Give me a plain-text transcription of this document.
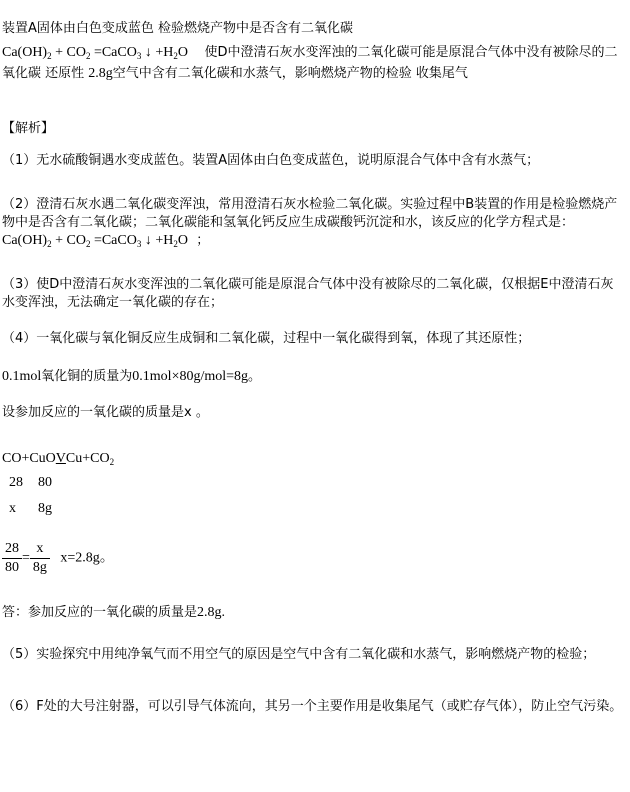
装置A固体由白色变成蓝色 检验燃烧产物中是否含有二氧化碳
$Ca(OH)_2 + CO_2$ =CaCO$_3$ ↓ $+H_2O$ 使D中澄清石灰水变浑浊的二氧化碳可能是原混合气体中没有被除尽的二氧化碳 还原性 2.8g空气中含有二氧化碳和水蒸气，影响燃烧产物的检验 收集尾气
【解析】
（1）无水硫酸铜遇水变成蓝色。装置A固体由白色变成蓝色，说明原混合气体中含有水蒸气；
（2）澄清石灰水遇二氧化碳变浑浊，常用澄清石灰水检验二氧化碳。实验过程中B装置的作用是检验燃烧产物中是否含有二氧化碳；二氧化碳能和氢氧化钙反应生成碳酸钙沉淀和水，该反应的化学方程式是： $Ca(OH)_2 + CO_2$ =CaCO$_3$ ↓ $+H_2O$ ；
（3）使D中澄清石灰水变浑浊的二氧化碳可能是原混合气体中没有被除尽的二氧化碳，仅根据E中澄清石灰水变浑浊，无法确定一氧化碳的存在；
（4）一氧化碳与氧化铜反应生成铜和二氧化碳，过程中一氧化碳得到氧，体现了其还原性；
0.1mol氧化铜的质量为0.1mol×80g/mol=8g。
设参加反应的一氧化碳的质量是x 。
$CO+CuOVCu+CO_2$
28	80
x	8g
$\frac{28}{80} = \frac{x}{8g} x=2.8g$。
答：参加反应的一氧化碳的质量是2.8g.
（5）实验探究中用纯净氧气而不用空气的原因是空气中含有二氧化碳和水蒸气，影响燃烧产物的检验；
（6）F处的大号注射器，可以引导气体流向，其另一个主要作用是收集尾气（或贮存气体），防止空气污染。
